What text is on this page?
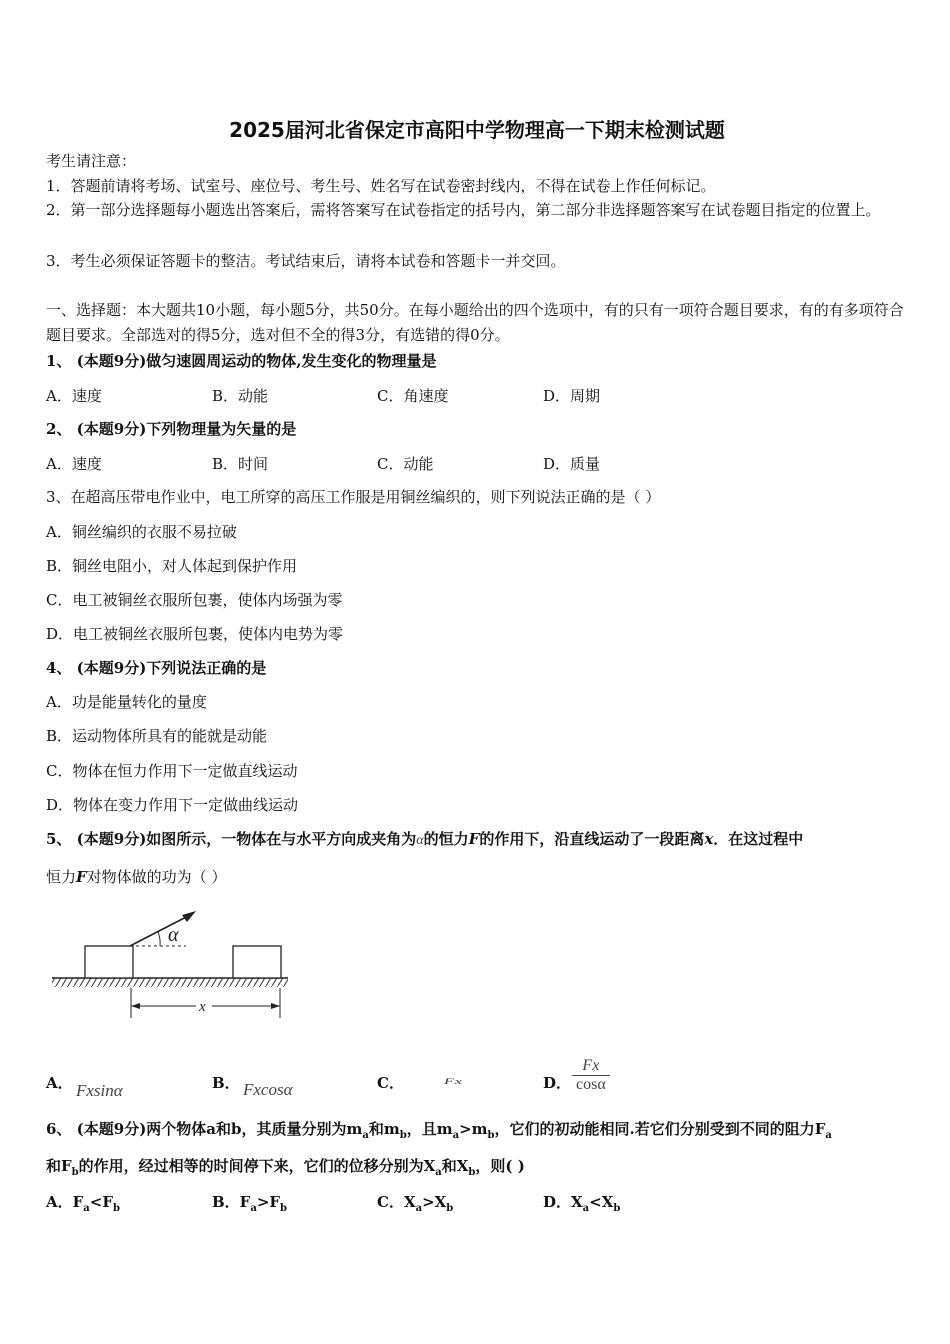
2025届河北省保定市高阳中学物理高一下期末检测试题
考生请注意：
1．答题前请将考场、试室号、座位号、考生号、姓名写在试卷密封线内，不得在试卷上作任何标记。
2．第一部分选择题每小题选出答案后，需将答案写在试卷指定的括号内，第二部分非选择题答案写在试卷题目指定的位置上。
3．考生必须保证答题卡的整洁。考试结束后，请将本试卷和答题卡一并交回。
一、选择题：本大题共10小题，每小题5分，共50分。在每小题给出的四个选项中，有的只有一项符合题目要求，有的有多项符合题目要求。全部选对的得5分，选对但不全的得3分，有选错的得0分。
1、 (本题9分)做匀速圆周运动的物体,发生变化的物理量是
A．速度	B．动能	C．角速度	D．周期
2、 (本题9分)下列物理量为矢量的是
A．速度	B．时间	C．动能	D．质量
3、在超高压带电作业中，电工所穿的高压工作服是用铜丝编织的，则下列说法正确的是（ ）
A．铜丝编织的衣服不易拉破
B．铜丝电阻小，对人体起到保护作用
C．电工被铜丝衣服所包裹，使体内场强为零
D．电工被铜丝衣服所包裹，使体内电势为零
4、 (本题9分)下列说法正确的是
A．功是能量转化的量度
B．运动物体所具有的能就是动能
C．物体在恒力作用下一定做直线运动
D．物体在变力作用下一定做曲线运动
5、 (本题9分)如图所示，一物体在与水平方向成夹角为α的恒力F的作用下，沿直线运动了一段距离x．在这过程中
恒力F对物体做的功为（ ）
α
x
A． Fxsinα	B． Fxcosα	C．	Fx	D． $\frac{Fx}{\cos\alpha}$
6、 (本题9分)两个物体a和b，其质量分别为$m_a$和$m_b$，且$m_a>m_b$，它们的初动能相同.若它们分别受到不同的阻力$F_a$
和$F_b$的作用，经过相等的时间停下来，它们的位移分别为$X_a$和$X_b$，则( )
A．$F_a<F_b$	B．$F_a>F_b$	C．$X_a>X_b$	D．$X_a<X_b$
